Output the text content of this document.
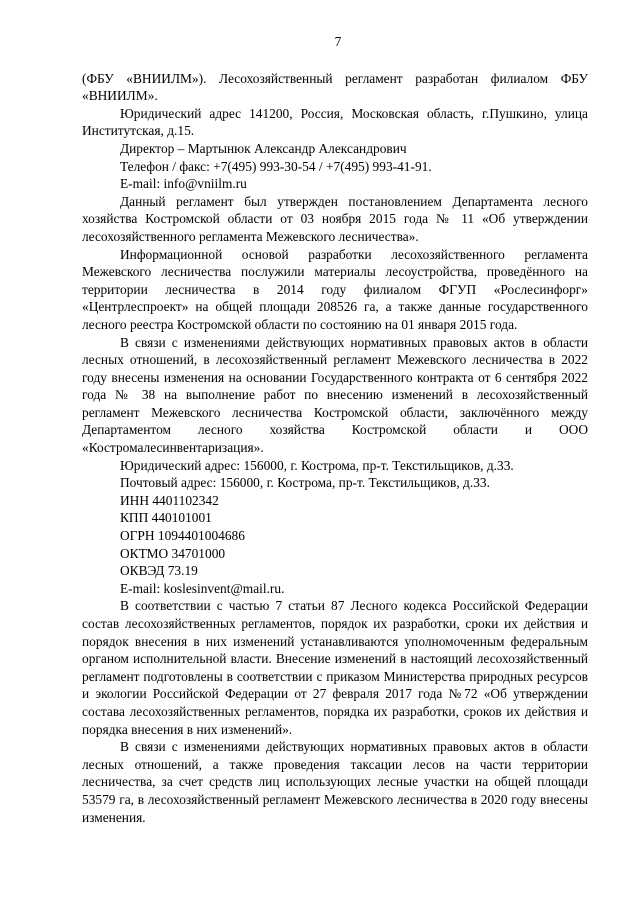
7

(ФБУ «ВНИИЛМ»). Лесохозяйственный регламент разработан филиалом ФБУ «ВНИИЛМ».

Юридический адрес 141200, Россия, Московская область, г.Пушкино, улица Институтская, д.15.

Директор – Мартынюк Александр Александрович

Телефон / факс: +7(495) 993-30-54 / +7(495) 993-41-91.

E-mail: info@vniilm.ru

Данный регламент был утвержден постановлением Департамента лесного хозяйства Костромской области от 03 ноября 2015 года № 11 «Об утверждении лесохозяйственного регламента Межевского лесничества».

Информационной основой разработки лесохозяйственного регламента Межевского лесничества послужили материалы лесоустройства, проведённого на территории лесничества в 2014 году филиалом ФГУП «Рослесинфорг» «Центрлеспроект» на общей площади 208526 га, а также данные государственного лесного реестра Костромской области по состоянию на 01 января 2015 года.

В связи с изменениями действующих нормативных правовых актов в области лесных отношений, в лесохозяйственный регламент Межевского лесничества в 2022 году внесены изменения на основании Государственного контракта от 6 сентября 2022 года № 38 на выполнение работ по внесению изменений в лесохозяйственный регламент Межевского лесничества Костромской области, заключённого между Департаментом лесного хозяйства Костромской области и ООО «Костромалесинвентаризация».

Юридический адрес: 156000, г. Кострома, пр-т. Текстильщиков, д.33.

Почтовый адрес: 156000, г. Кострома, пр-т. Текстильщиков, д.33.

ИНН 4401102342

КПП 440101001

ОГРН 1094401004686

ОКТМО 34701000

ОКВЭД 73.19

E-mail: koslesinvent@mail.ru.

В соответствии с частью 7 статьи 87 Лесного кодекса Российской Федерации состав лесохозяйственных регламентов, порядок их разработки, сроки их действия и порядок внесения в них изменений устанавливаются уполномоченным федеральным органом исполнительной власти. Внесение изменений в настоящий лесохозяйственный регламент подготовлены в соответствии с приказом Министерства природных ресурсов и экологии Российской Федерации от 27 февраля 2017 года №72 «Об утверждении состава лесохозяйственных регламентов, порядка их разработки, сроков их действия и порядка внесения в них изменений».

В связи с изменениями действующих нормативных правовых актов в области лесных отношений, а также проведения таксации лесов на части территории лесничества, за счет средств лиц использующих лесные участки на общей площади 53579 га, в лесохозяйственный регламент Межевского лесничества в 2020 году внесены изменения.
